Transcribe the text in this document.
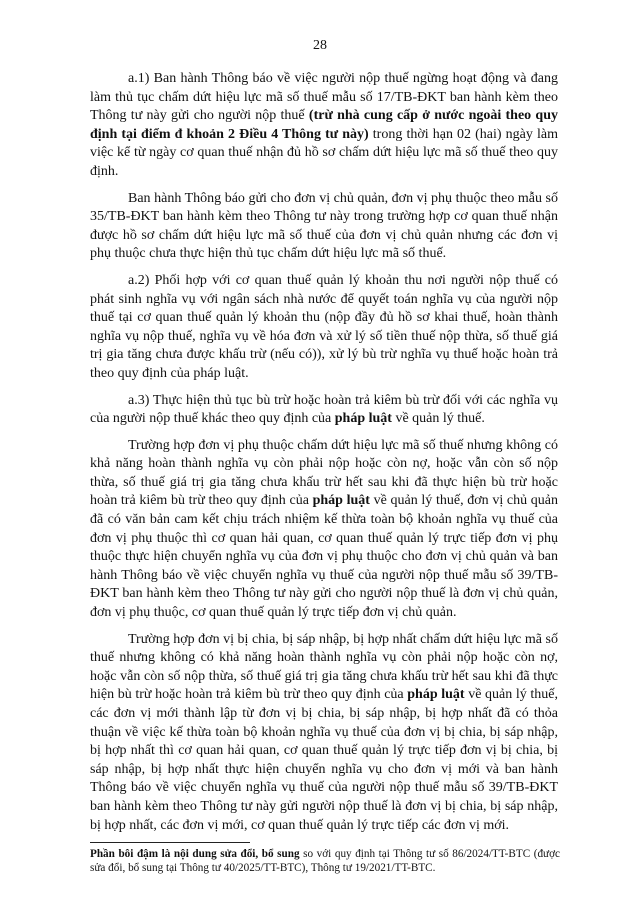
28

a.1) Ban hành Thông báo về việc người nộp thuế ngừng hoạt động và đang làm thủ tục chấm dứt hiệu lực mã số thuế mẫu số 17/TB-ĐKT ban hành kèm theo Thông tư này gửi cho người nộp thuế (trừ nhà cung cấp ở nước ngoài theo quy định tại điểm đ khoản 2 Điều 4 Thông tư này) trong thời hạn 02 (hai) ngày làm việc kể từ ngày cơ quan thuế nhận đủ hồ sơ chấm dứt hiệu lực mã số thuế theo quy định.

Ban hành Thông báo gửi cho đơn vị chủ quản, đơn vị phụ thuộc theo mẫu số 35/TB-ĐKT ban hành kèm theo Thông tư này trong trường hợp cơ quan thuế nhận được hồ sơ chấm dứt hiệu lực mã số thuế của đơn vị chủ quản nhưng các đơn vị phụ thuộc chưa thực hiện thủ tục chấm dứt hiệu lực mã số thuế.

a.2) Phối hợp với cơ quan thuế quản lý khoản thu nơi người nộp thuế có phát sinh nghĩa vụ với ngân sách nhà nước để quyết toán nghĩa vụ của người nộp thuế tại cơ quan thuế quản lý khoản thu (nộp đầy đủ hồ sơ khai thuế, hoàn thành nghĩa vụ nộp thuế, nghĩa vụ về hóa đơn và xử lý số tiền thuế nộp thừa, số thuế giá trị gia tăng chưa được khấu trừ (nếu có)), xử lý bù trừ nghĩa vụ thuế hoặc hoàn trả theo quy định của pháp luật.

a.3) Thực hiện thủ tục bù trừ hoặc hoàn trả kiêm bù trừ đối với các nghĩa vụ của người nộp thuế khác theo quy định của pháp luật về quản lý thuế.

Trường hợp đơn vị phụ thuộc chấm dứt hiệu lực mã số thuế nhưng không có khả năng hoàn thành nghĩa vụ còn phải nộp hoặc còn nợ, hoặc vẫn còn số nộp thừa, số thuế giá trị gia tăng chưa khấu trừ hết sau khi đã thực hiện bù trừ hoặc hoàn trả kiêm bù trừ theo quy định của pháp luật về quản lý thuế, đơn vị chủ quản đã có văn bản cam kết chịu trách nhiệm kế thừa toàn bộ khoản nghĩa vụ thuế của đơn vị phụ thuộc thì cơ quan hải quan, cơ quan thuế quản lý trực tiếp đơn vị phụ thuộc thực hiện chuyển nghĩa vụ của đơn vị phụ thuộc cho đơn vị chủ quản và ban hành Thông báo về việc chuyển nghĩa vụ thuế của người nộp thuế mẫu số 39/TB-ĐKT ban hành kèm theo Thông tư này gửi cho người nộp thuế là đơn vị chủ quản, đơn vị phụ thuộc, cơ quan thuế quản lý trực tiếp đơn vị chủ quản.

Trường hợp đơn vị bị chia, bị sáp nhập, bị hợp nhất chấm dứt hiệu lực mã số thuế nhưng không có khả năng hoàn thành nghĩa vụ còn phải nộp hoặc còn nợ, hoặc vẫn còn số nộp thừa, số thuế giá trị gia tăng chưa khấu trừ hết sau khi đã thực hiện bù trừ hoặc hoàn trả kiêm bù trừ theo quy định của pháp luật về quản lý thuế, các đơn vị mới thành lập từ đơn vị bị chia, bị sáp nhập, bị hợp nhất đã có thỏa thuận về việc kế thừa toàn bộ khoản nghĩa vụ thuế của đơn vị bị chia, bị sáp nhập, bị hợp nhất thì cơ quan hải quan, cơ quan thuế quản lý trực tiếp đơn vị bị chia, bị sáp nhập, bị hợp nhất thực hiện chuyển nghĩa vụ cho đơn vị mới và ban hành Thông báo về việc chuyển nghĩa vụ thuế của người nộp thuế mẫu số 39/TB-ĐKT ban hành kèm theo Thông tư này gửi người nộp thuế là đơn vị bị chia, bị sáp nhập, bị hợp nhất, các đơn vị mới, cơ quan thuế quản lý trực tiếp các đơn vị mới.

Phần bôi đậm là nội dung sửa đổi, bổ sung so với quy định tại Thông tư số 86/2024/TT-BTC (được sửa đổi, bổ sung tại Thông tư 40/2025/TT-BTC), Thông tư 19/2021/TT-BTC.
